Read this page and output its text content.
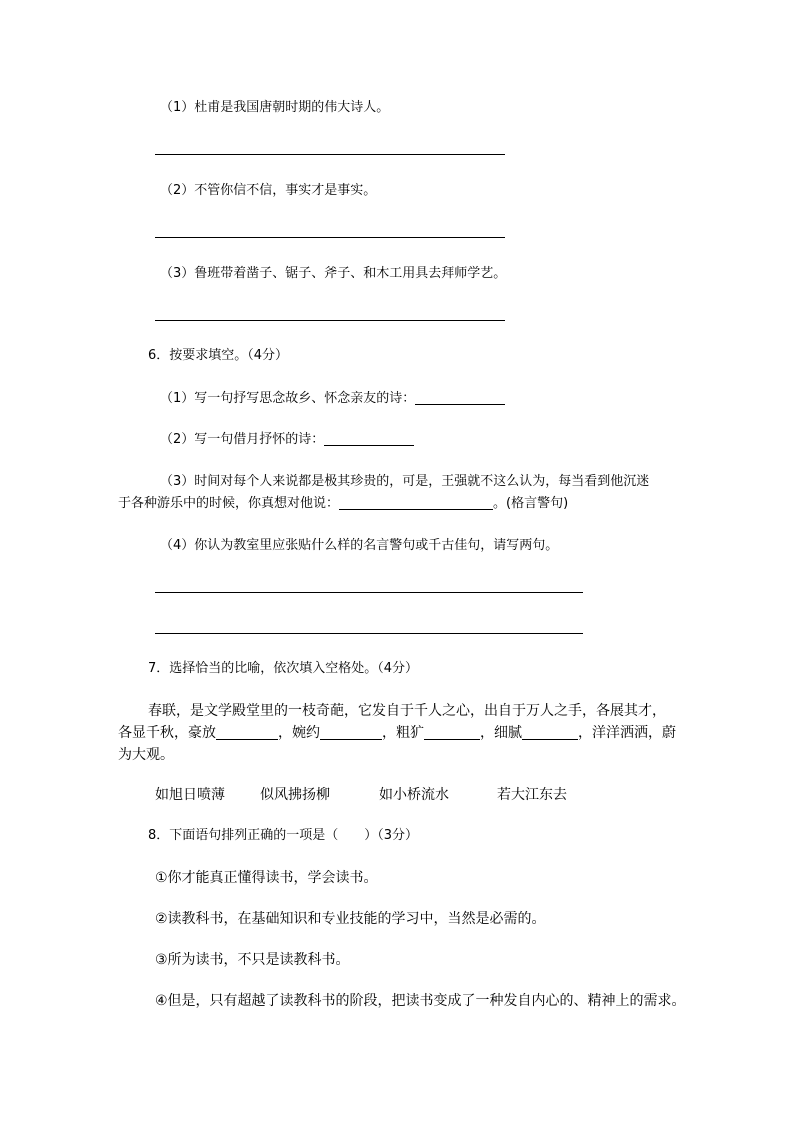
（1）杜甫是我国唐朝时期的伟大诗人。
（2）不管你信不信，事实才是事实。
（3）鲁班带着凿子、锯子、斧子、和木工用具去拜师学艺。
6．按要求填空。（4分）
（1）写一句抒写思念故乡、怀念亲友的诗：
（2）写一句借月抒怀的诗：
（3）时间对每个人来说都是极其珍贵的，可是，王强就不这么认为，每当看到他沉迷
于各种游乐中的时候，你真想对他说：	。(格言警句)
（4）你认为教室里应张贴什么样的名言警句或千古佳句，请写两句。
7．选择恰当的比喻，依次填入空格处。（4分）
春联，是文学殿堂里的一枝奇葩，它发自于千人之心，出自于万人之手，各展其才，
各显千秋，豪放	，婉约	，粗犷	，细腻	，洋洋洒洒，蔚
为大观。
如旭日喷薄	似风拂扬柳	如小桥流水	若大江东去
8．下面语句排列正确的一项是（　　）（3分）
①你才能真正懂得读书，学会读书。
②读教科书，在基础知识和专业技能的学习中，当然是必需的。
③所为读书，不只是读教科书。
④但是，只有超越了读教科书的阶段，把读书变成了一种发自内心的、精神上的需求。
